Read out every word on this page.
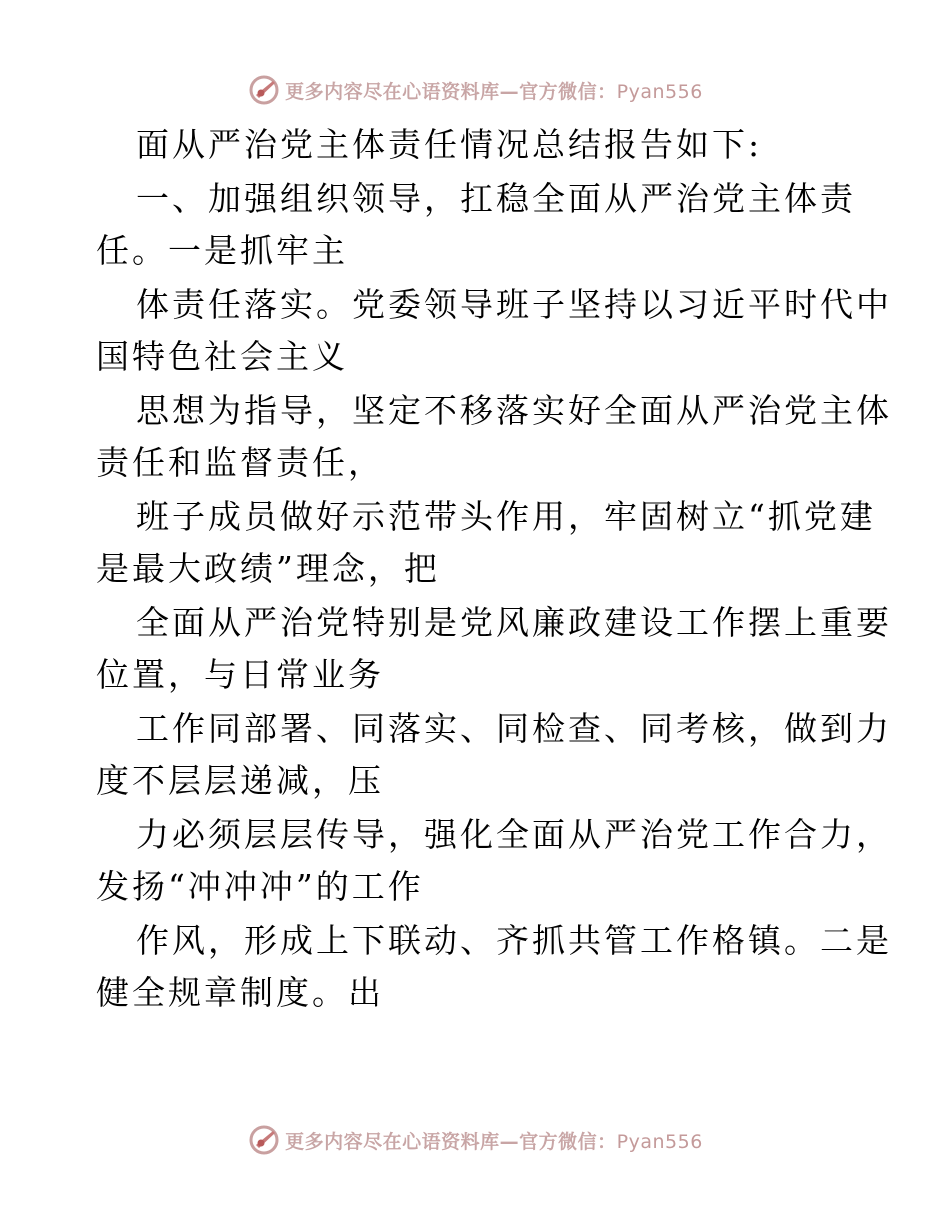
更多内容尽在心语资料库—官方微信：Pyan556

面从严治党主体责任情况总结报告如下:

一、加强组织领导，扛稳全面从严治党主体责

任。一是抓牢主

体责任落实。党委领导班子坚持以习近平时代中

国特色社会主义

思想为指导，坚定不移落实好全面从严治党主体

责任和监督责任，

班子成员做好示范带头作用，牢固树立“抓党建

是最大政绩”理念，把

全面从严治党特别是党风廉政建设工作摆上重要

位置，与日常业务

工作同部署、同落实、同检查、同考核，做到力

度不层层递减，压

力必须层层传导，强化全面从严治党工作合力，

发扬“冲冲冲”的工作

作风，形成上下联动、齐抓共管工作格镇。二是

健全规章制度。出

更多内容尽在心语资料库—官方微信：Pyan556
